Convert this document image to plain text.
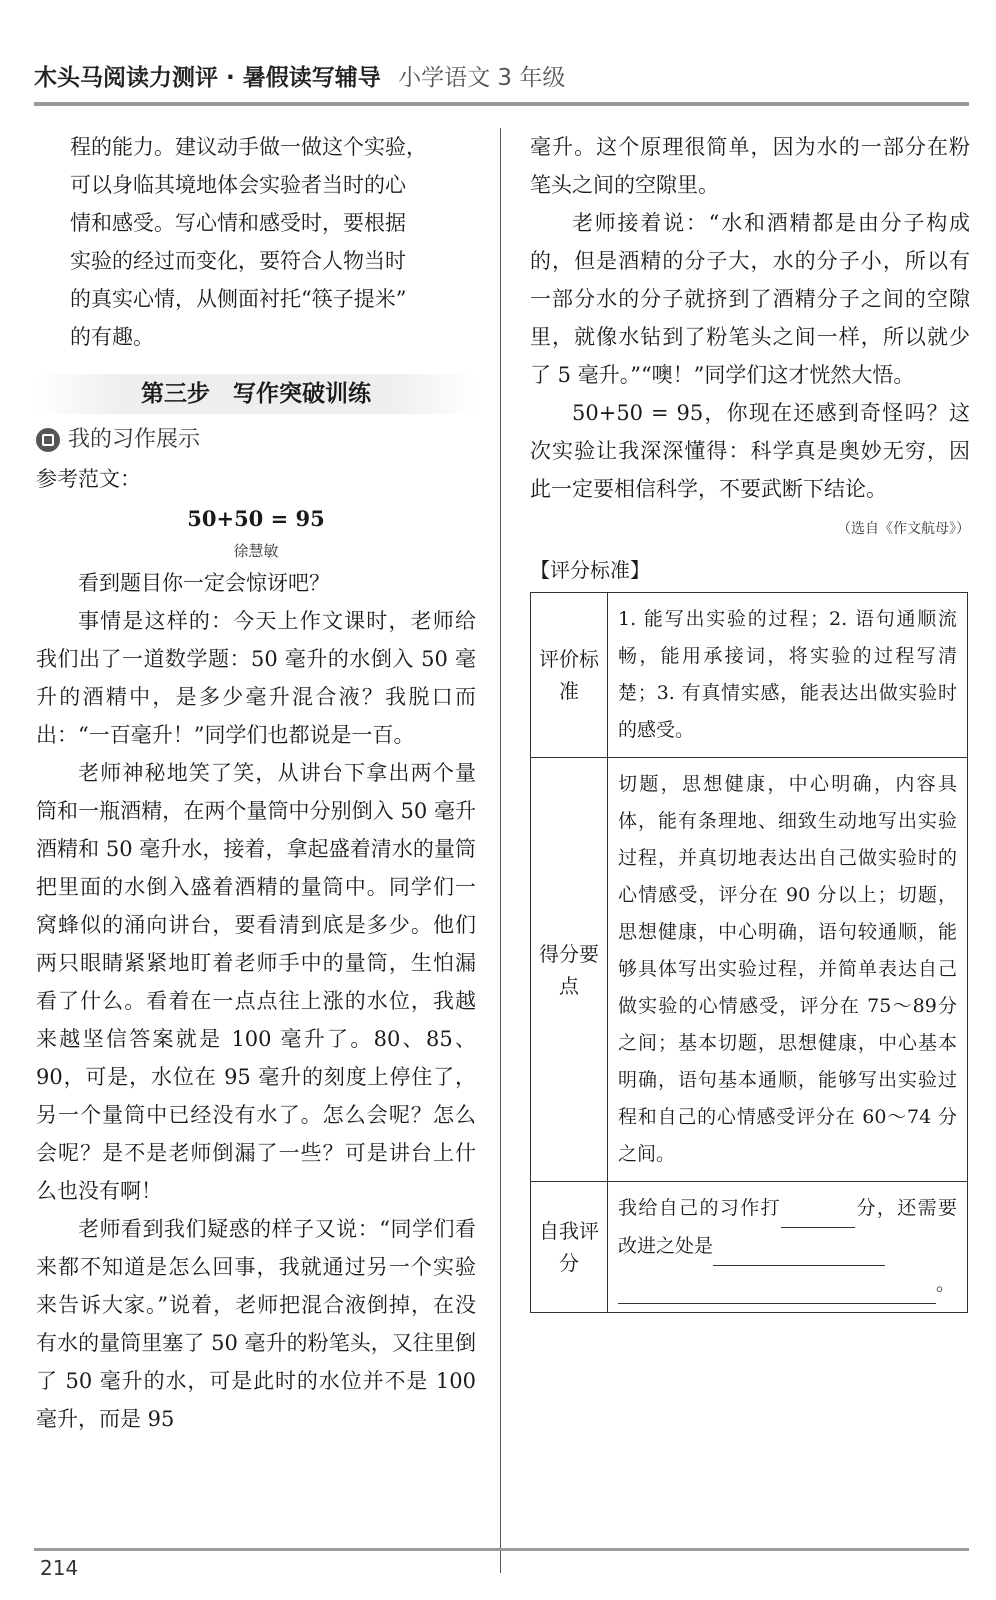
木头马阅读力测评 · 暑假读写辅导 小学语文 3 年级
程的能力。建议动手做一做这个实验，
可以身临其境地体会实验者当时的心
情和感受。写心情和感受时，要根据
实验的经过而变化，要符合人物当时
的真实心情，从侧面衬托“筷子提米”
的有趣。
第三步　写作突破训练
我的习作展示
参考范文：
50+50 = 95
徐慧敏

看到题目你一定会惊讶吧？

事情是这样的：今天上作文课时，老师给我们出了一道数学题：50 毫升的水倒入 50 毫升的酒精中，是多少毫升混合液？我脱口而出：“一百毫升！”同学们也都说是一百。

老师神秘地笑了笑，从讲台下拿出两个量筒和一瓶酒精，在两个量筒中分别倒入 50 毫升酒精和 50 毫升水，接着，拿起盛着清水的量筒把里面的水倒入盛着酒精的量筒中。同学们一窝蜂似的涌向讲台，要看清到底是多少。他们两只眼睛紧紧地盯着老师手中的量筒，生怕漏看了什么。看着在一点点往上涨的水位，我越来越坚信答案就是 100 毫升了。80、85、90，可是，水位在 95 毫升的刻度上停住了，另一个量筒中已经没有水了。怎么会呢？怎么会呢？是不是老师倒漏了一些？可是讲台上什么也没有啊！

老师看到我们疑惑的样子又说：“同学们看来都不知道是怎么回事，我就通过另一个实验来告诉大家。”说着，老师把混合液倒掉，在没有水的量筒里塞了 50 毫升的粉笔头，又往里倒了 50 毫升的水，可是此时的水位并不是 100 毫升，而是 95

毫升。这个原理很简单，因为水的一部分在粉笔头之间的空隙里。

老师接着说：“水和酒精都是由分子构成的，但是酒精的分子大，水的分子小，所以有一部分水的分子就挤到了酒精分子之间的空隙里，就像水钻到了粉笔头之间一样，所以就少了 5 毫升。”“噢！”同学们这才恍然大悟。

50+50 = 95，你现在还感到奇怪吗？这次实验让我深深懂得：科学真是奥妙无穷，因此一定要相信科学，不要武断下结论。

（选自《作文航母》）
【评分标准】
评价标准	1. 能写出实验的过程；2. 语句通顺流畅，能用承接词，将实验的过程写清楚；3. 有真情实感，能表达出做实验时的感受。
得分要点	切题，思想健康，中心明确，内容具体，能有条理地、细致生动地写出实验过程，并真切地表达出自己做实验时的心情感受，评分在 90 分以上；切题，思想健康，中心明确，语句较通顺，能够具体写出实验过程，并简单表达自己做实验的心情感受，评分在 75～89分之间；基本切题，思想健康，中心基本明确，语句基本通顺，能够写出实验过程和自己的心情感受评分在 60～74 分之间。
自我评分	我给自己的习作打 分，还需要改进之处是
。
214
